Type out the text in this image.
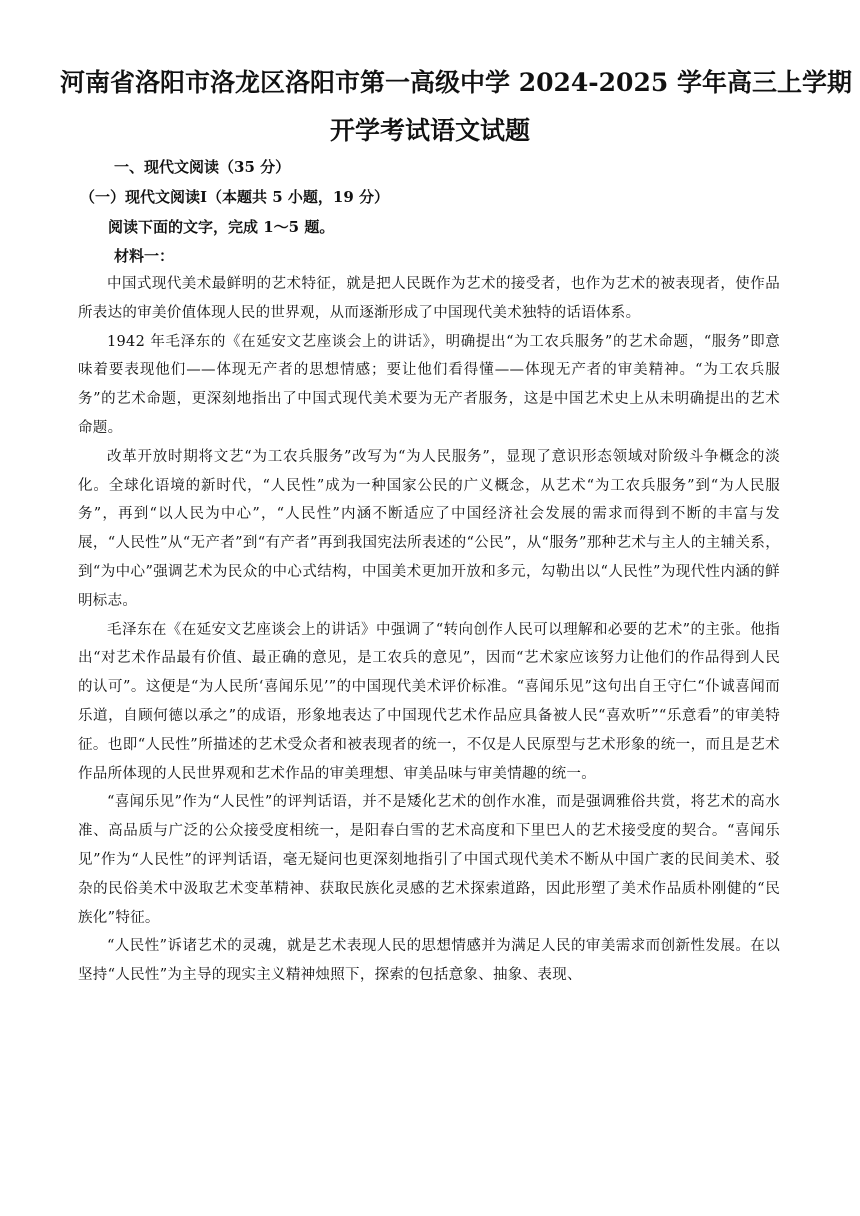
河南省洛阳市洛龙区洛阳市第一高级中学 2024-2025 学年高三上学期
开学考试语文试题
一、现代文阅读（35 分）
（一）现代文阅读Ⅰ（本题共 5 小题，19 分）
阅读下面的文字，完成 1～5 题。
材料一：

中国式现代美术最鲜明的艺术特征，就是把人民既作为艺术的接受者，也作为艺术的被表现者，使作品所表达的审美价值体现人民的世界观，从而逐渐形成了中国现代美术独特的话语体系。

1942 年毛泽东的《在延安文艺座谈会上的讲话》，明确提出“为工农兵服务”的艺术命题，“服务”即意味着要表现他们——体现无产者的思想情感；要让他们看得懂——体现无产者的审美精神。“为工农兵服务”的艺术命题，更深刻地指出了中国式现代美术要为无产者服务，这是中国艺术史上从未明确提出的艺术命题。

改革开放时期将文艺“为工农兵服务”改写为“为人民服务”，显现了意识形态领域对阶级斗争概念的淡化。全球化语境的新时代，“人民性”成为一种国家公民的广义概念，从艺术“为工农兵服务”到“为人民服务”，再到“以人民为中心”，“人民性”内涵不断适应了中国经济社会发展的需求而得到不断的丰富与发展，“人民性”从“无产者”到“有产者”再到我国宪法所表述的“公民”，从“服务”那种艺术与主人的主辅关系，到“为中心”强调艺术为民众的中心式结构，中国美术更加开放和多元，勾勒出以“人民性”为现代性内涵的鲜明标志。

毛泽东在《在延安文艺座谈会上的讲话》中强调了“转向创作人民可以理解和必要的艺术”的主张。他指出“对艺术作品最有价值、最正确的意见，是工农兵的意见”，因而“艺术家应该努力让他们的作品得到人民的认可”。这便是“为人民所‘喜闻乐见’”的中国现代美术评价标准。“喜闻乐见”这句出自王守仁“仆诚喜闻而乐道，自顾何德以承之”的成语，形象地表达了中国现代艺术作品应具备被人民“喜欢听”“乐意看”的审美特征。也即“人民性”所描述的艺术受众者和被表现者的统一，不仅是人民原型与艺术形象的统一，而且是艺术作品所体现的人民世界观和艺术作品的审美理想、审美品味与审美情趣的统一。

“喜闻乐见”作为“人民性”的评判话语，并不是矮化艺术的创作水准，而是强调雅俗共赏，将艺术的高水准、高品质与广泛的公众接受度相统一，是阳春白雪的艺术高度和下里巴人的艺术接受度的契合。“喜闻乐见”作为“人民性”的评判话语，毫无疑问也更深刻地指引了中国式现代美术不断从中国广袤的民间美术、驳杂的民俗美术中汲取艺术变革精神、获取民族化灵感的艺术探索道路，因此形塑了美术作品质朴刚健的“民族化”特征。

“人民性”诉诸艺术的灵魂，就是艺术表现人民的思想情感并为满足人民的审美需求而创新性发展。在以坚持“人民性”为主导的现实主义精神烛照下，探索的包括意象、抽象、表现、
